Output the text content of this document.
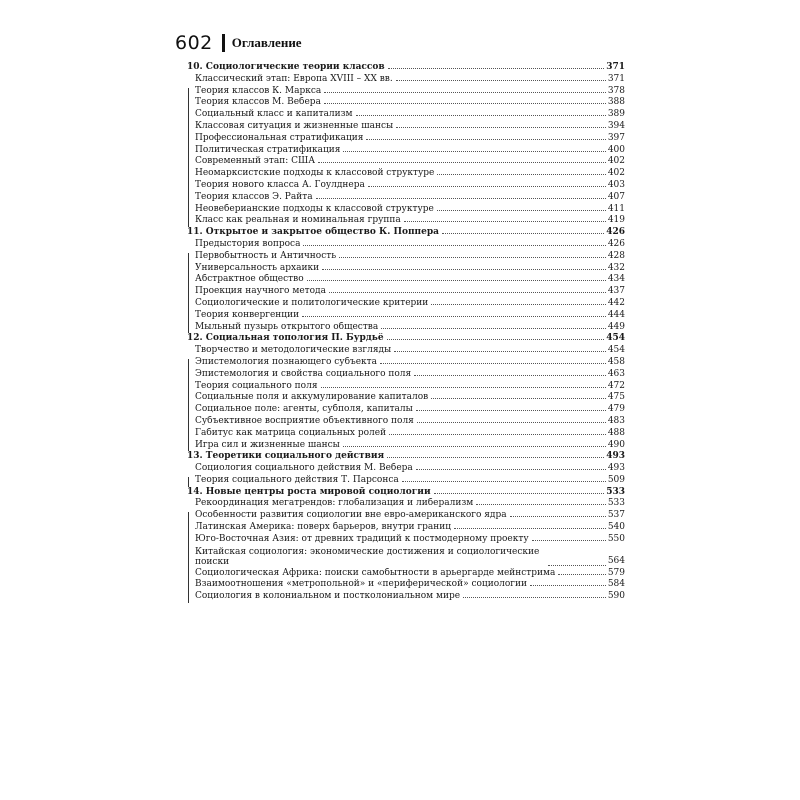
602 Оглавление
10. Социологические теории классов	371
Классический этап: Европа XVIII – XX вв.	371
Теория классов К. Маркса	378
Теория классов М. Вебера	388
Социальный класс и капитализм	389
Классовая ситуация и жизненные шансы	394
Профессиональная стратификация	397
Политическая стратификация	400
Современный этап: США	402
Неомарксистские подходы к классовой структуре	402
Теория нового класса А. Гоулднера	403
Теория классов Э. Райта	407
Неовеберианские подходы к классовой структуре	411
Класс как реальная и номинальная группа	419
11. Открытое и закрытое общество К. Поппера	426
Предыстория вопроса	426
Первобытность и Античность	428
Универсальность архаики	432
Абстрактное общество	434
Проекция научного метода	437
Социологические и политологические критерии	442
Теория конвергенции	444
Мыльный пузырь открытого общества	449
12. Социальная топология П. Бурдьё	454
Творчество и методологические взгляды	454
Эпистемология познающего субъекта	458
Эпистемология и свойства социального поля	463
Теория социального поля	472
Социальные поля и аккумулирование капиталов	475
Социальное поле: агенты, субполя, капиталы	479
Субъективное восприятие объективного поля	483
Габитус как матрица социальных ролей	488
Игра сил и жизненные шансы	490
13. Теоретики социального действия	493
Социология социального действия М. Вебера	493
Теория социального действия Т. Парсонса	509
14. Новые центры роста мировой социологии	533
Рекоординация мегатрендов: глобализация и либерализм	533
Особенности развития социологии вне евро-американского ядра	537
Латинская Америка: поверх барьеров, внутри границ	540
Юго-Восточная Азия: от древних традиций к постмодерному проекту	550
Китайская социология: экономические достижения и социологические поиски	564
Социологическая Африка: поиски самобытности в арьергарде мейнстрима	579
Взаимоотношения «метропольной» и «периферической» социологии	584
Социология в колониальном и постколониальном мире	590
